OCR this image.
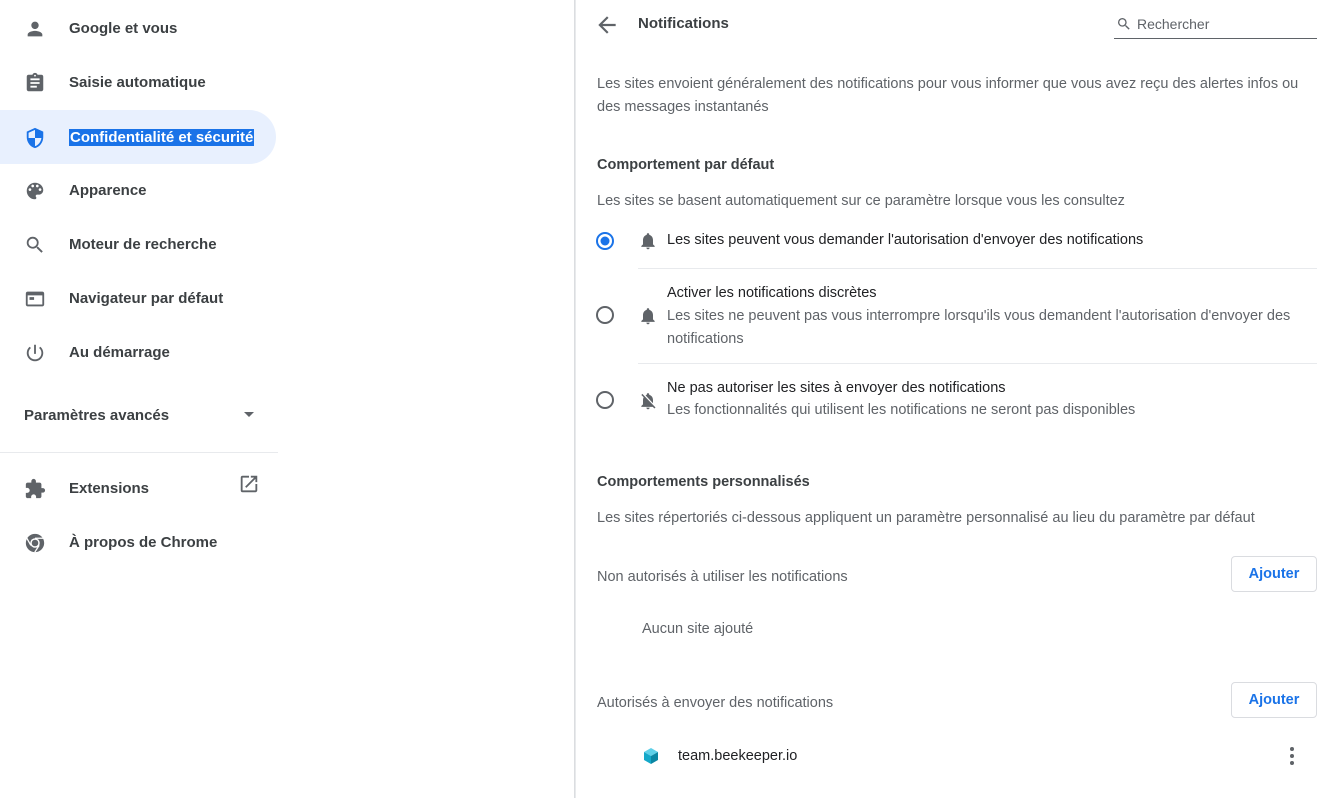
Google et vous
Saisie automatique
Confidentialité et sécurité
Apparence
Moteur de recherche
Navigateur par défaut
Au démarrage
Paramètres avancés
Extensions
À propos de Chrome
Notifications
Rechercher
Les sites envoient généralement des notifications pour vous informer que vous avez reçu des alertes infos ou des messages instantanés
Comportement par défaut
Les sites se basent automatiquement sur ce paramètre lorsque vous les consultez
Les sites peuvent vous demander l'autorisation d'envoyer des notifications
Activer les notifications discrètes
Les sites ne peuvent pas vous interrompre lorsqu'ils vous demandent l'autorisation d'envoyer des notifications
Ne pas autoriser les sites à envoyer des notifications
Les fonctionnalités qui utilisent les notifications ne seront pas disponibles
Comportements personnalisés
Les sites répertoriés ci-dessous appliquent un paramètre personnalisé au lieu du paramètre par défaut
Non autorisés à utiliser les notifications	Ajouter
Aucun site ajouté
Autorisés à envoyer des notifications	Ajouter
team.beekeeper.io
